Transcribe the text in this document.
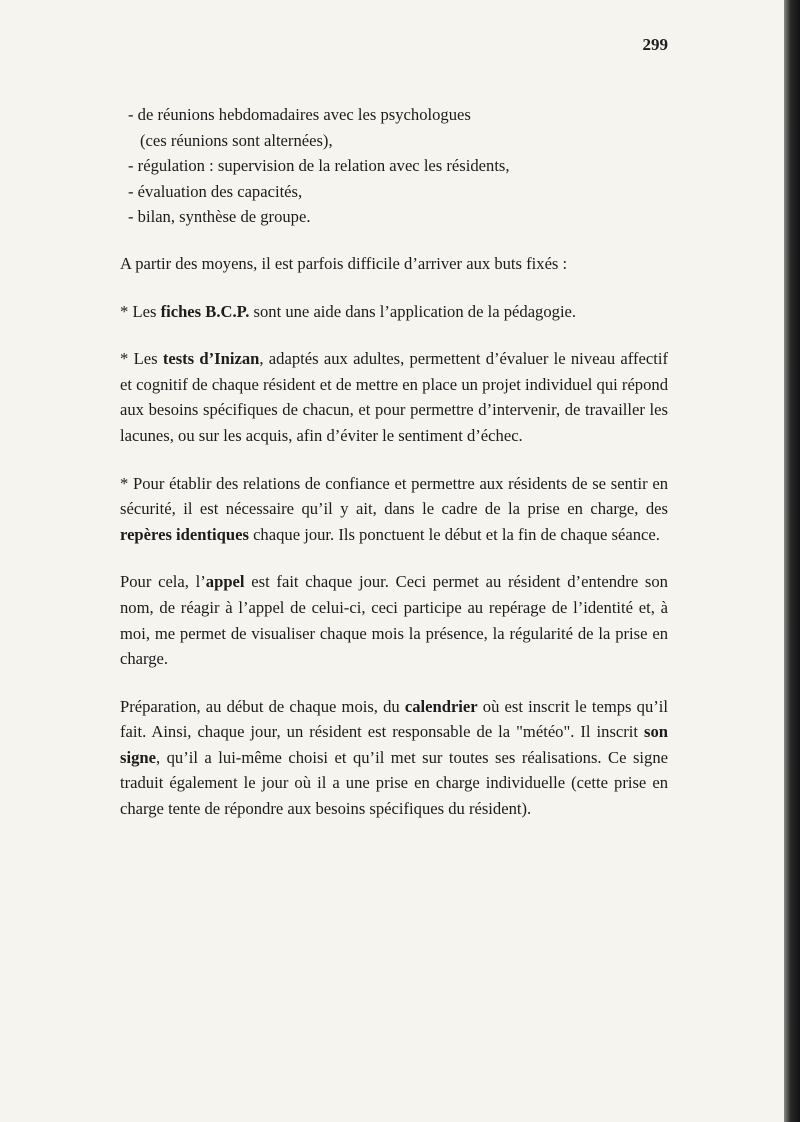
299
- de réunions hebdomadaires avec les psychologues
(ces réunions sont alternées),
- régulation : supervision de la relation avec les résidents,
- évaluation des capacités,
- bilan, synthèse de groupe.

A partir des moyens, il est parfois difficile d’arriver aux buts fixés :

* Les fiches B.C.P. sont une aide dans l’application de la pédagogie.

* Les tests d’Inizan, adaptés aux adultes, permettent d’évaluer le niveau affectif et cognitif de chaque résident et de mettre en place un projet individuel qui répond aux besoins spécifiques de chacun, et pour permettre d’intervenir, de travailler les lacunes, ou sur les acquis, afin d’éviter le sentiment d’échec.

* Pour établir des relations de confiance et permettre aux résidents de se sentir en sécurité, il est nécessaire qu’il y ait, dans le cadre de la prise en charge, des repères identiques chaque jour. Ils ponctuent le début et la fin de chaque séance.

Pour cela, l’appel est fait chaque jour. Ceci permet au résident d’entendre son nom, de réagir à l’appel de celui-ci, ceci participe au repérage de l’identité et, à moi, me permet de visualiser chaque mois la présence, la régularité de la prise en charge.

Préparation, au début de chaque mois, du calendrier où est inscrit le temps qu’il fait. Ainsi, chaque jour, un résident est responsable de la "météo". Il inscrit son signe, qu’il a lui-même choisi et qu’il met sur toutes ses réalisations. Ce signe traduit également le jour où il a une prise en charge individuelle (cette prise en charge tente de répondre aux besoins spécifiques du résident).
